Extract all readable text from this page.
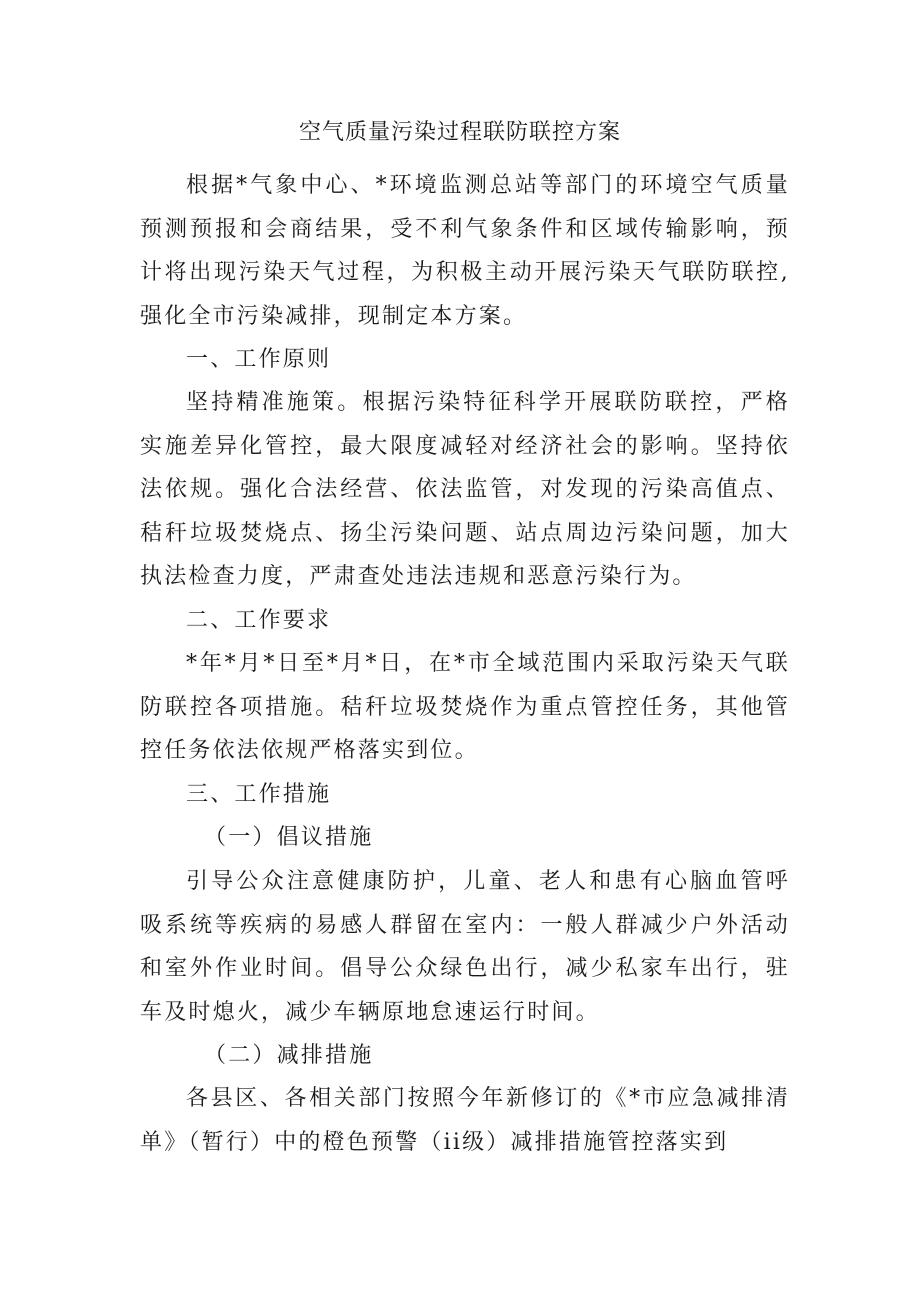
空气质量污染过程联防联控方案

根据*气象中心、*环境监测总站等部门的环境空气质量预测预报和会商结果，受不利气象条件和区域传输影响，预计将出现污染天气过程，为积极主动开展污染天气联防联控,强化全市污染减排，现制定本方案。

一、工作原则

坚持精准施策。根据污染特征科学开展联防联控，严格实施差异化管控，最大限度减轻对经济社会的影响。坚持依法依规。强化合法经营、依法监管，对发现的污染高值点、秸秆垃圾焚烧点、扬尘污染问题、站点周边污染问题，加大执法检查力度，严肃查处违法违规和恶意污染行为。

二、工作要求

*年*月*日至*月*日，在*市全域范围内采取污染天气联防联控各项措施。秸秆垃圾焚烧作为重点管控任务，其他管控任务依法依规严格落实到位。

三、工作措施
（一）倡议措施

引导公众注意健康防护，儿童、老人和患有心脑血管呼吸系统等疾病的易感人群留在室内：一般人群减少户外活动和室外作业时间。倡导公众绿色出行，减少私家车出行，驻车及时熄火，减少车辆原地怠速运行时间。

（二）减排措施

各县区、各相关部门按照今年新修订的《*市应急减排清单》（暂行）中的橙色预警（ii级）减排措施管控落实到
